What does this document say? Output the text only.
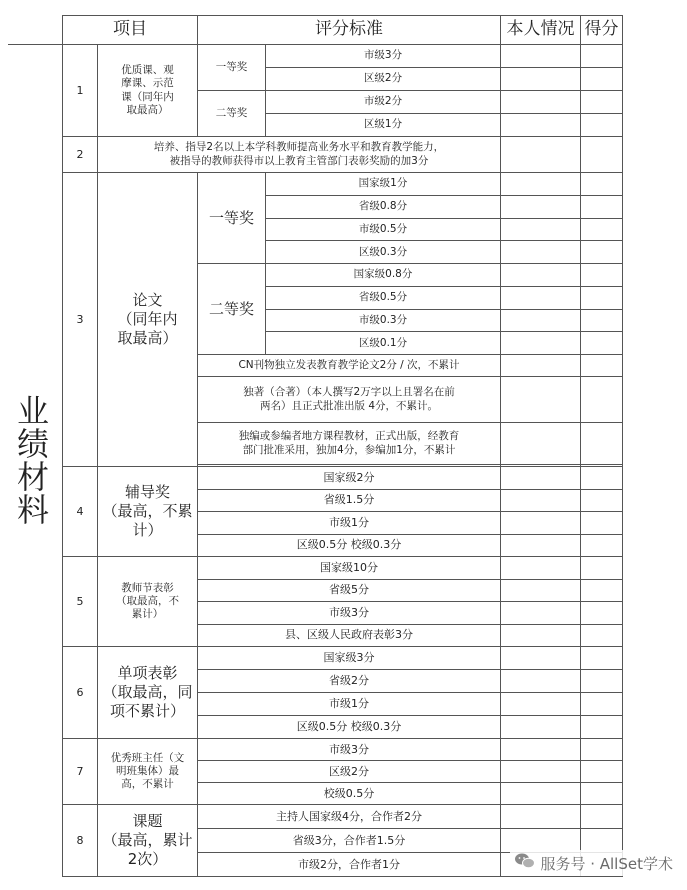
项目	评分标准	本人情况 得分
1
优质课、观
摩课、示范
课（同年内
取最高）
一等奖
市级3分
区级2分
二等奖
市级2分
区级1分
2
培养、指导2名以上本学科教师提高业务水平和教育教学能力，
被指导的教师获得市以上教育主管部门表彰奖励的加3分
3
论文
（同年内
取最高）
一等奖
国家级1分
省级0.8分
市级0.5分
区级0.3分
二等奖
国家级0.8分
省级0.5分
市级0.3分
区级0.1分
CN刊物独立发表教育教学论文2分 / 次，不累计
独著（合著）（本人撰写2万字以上且署名在前
两名）且正式批准出版 4分，不累计。
独编或参编者地方课程教材，正式出版，经教育
部门批准采用，独加4分，参编加1分，不累计
4
辅导奖
（最高，不累
计）
国家级2分
省级1.5分
市级1分
区级0.5分 校级0.3分
5
教师节表彰
（取最高，不
累计）
国家级10分
省级5分
市级3分
县、区级人民政府表彰3分
6
单项表彰
（取最高，同
项不累计）
国家级3分
省级2分
市级1分
区级0.5分 校级0.3分
7
优秀班主任（文
明班集体）最
高，不累计
市级3分
区级2分
校级0.5分
8
课题
（最高，累计
2次）
主持人国家级4分，合作者2分
省级3分，合作者1.5分
市级2分，合作者1分
业
绩
材
料
服务号 · AllSet学术
